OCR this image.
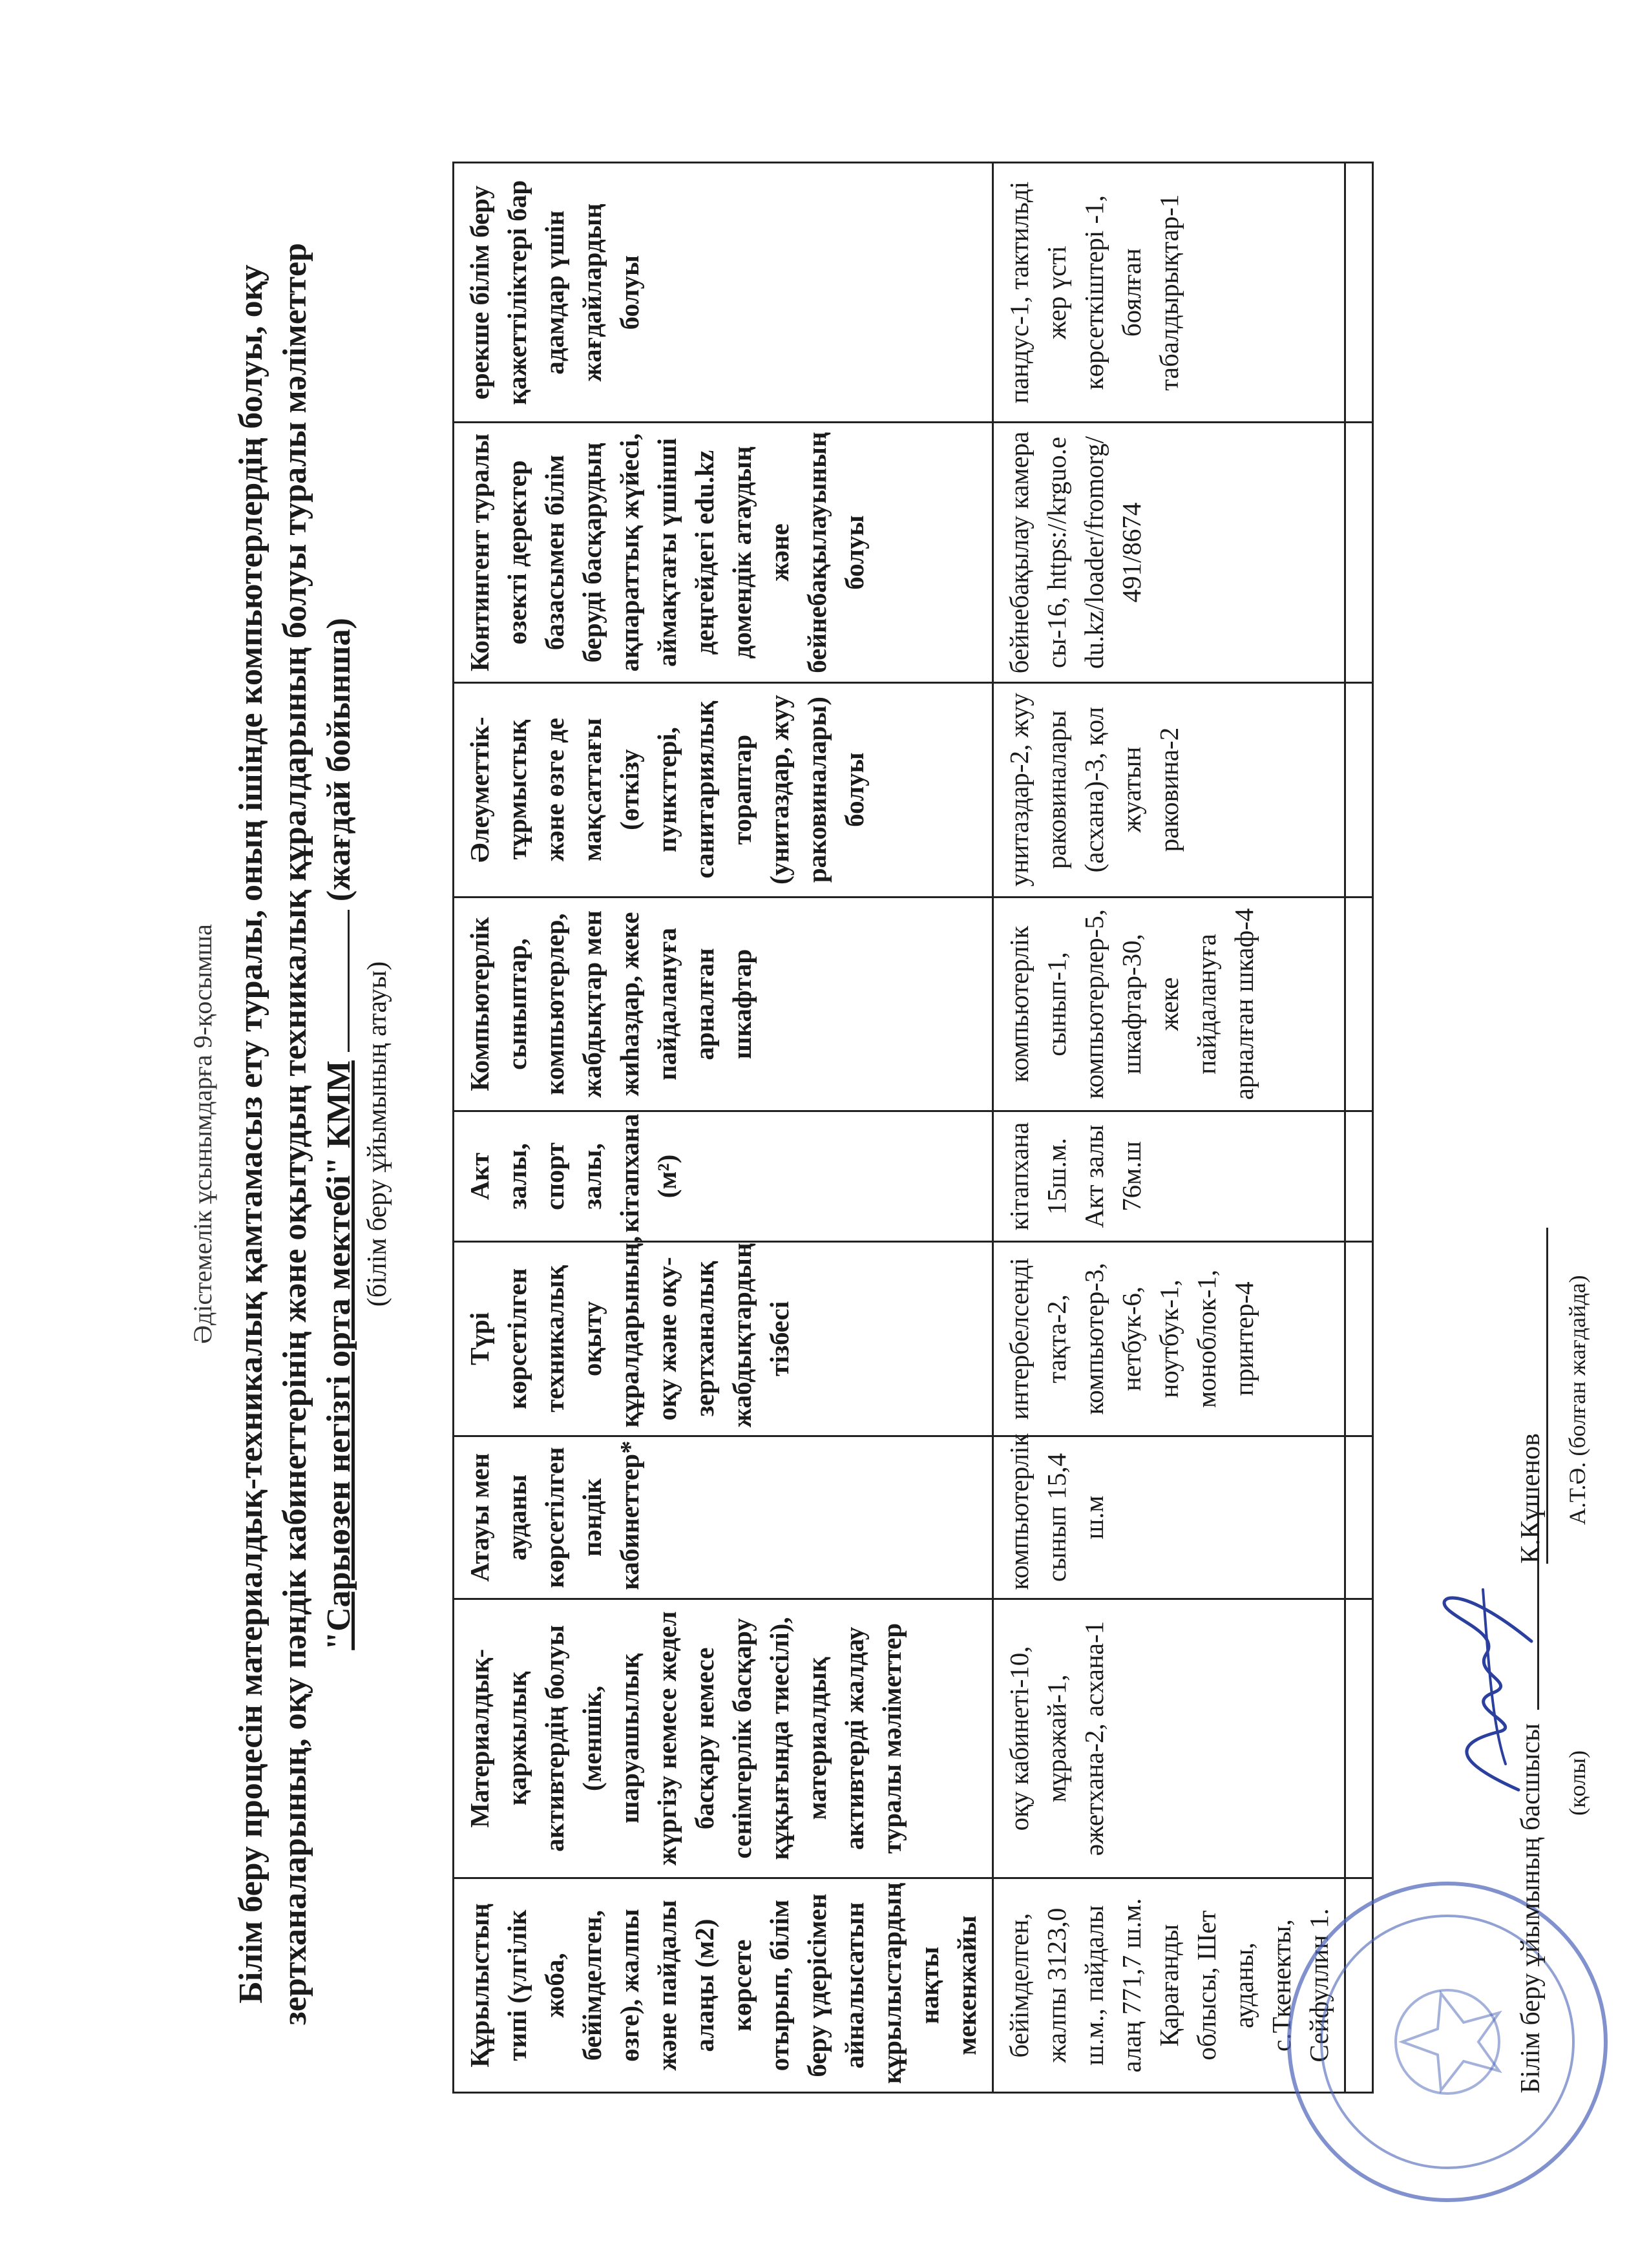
Әдістемелік ұсынымдарға 9-қосымша Білім беру процесін материалдық-техникалық қамтамасыз ету туралы, оның ішінде компьютерлердің болуы, оқу зертханаларының, оқу пәндік кабинеттерінің және оқытудың техникалық құралдарының болуы туралы мәліметтер "Сарыөзен негізгі орта мектебі" КММ  (жағдай бойынша)
(білім беру ұйымының атауы)
Құрылыстың типі (үлгілік жоба, бейімделген, өзге), жалпы және пайдалы алаңы (м2) көрсете отырып, білім беру үдерісімен айналысатын құрылыстардың нақты мекенжайы	Материалдық-қаржылық активтердің болуы (меншік, шаруашылық жүргізу немесе жедел басқару немесе сенімгерлік басқару құқығында тиесілі), материалдық активтерді жалдау туралы мәліметтер	Атауы мен ауданы көрсетілген пәндік кабинеттер*	Түрі көрсетілген техникалық оқыту құралдарының, оқу және оқу-зертханалық жабдықтардың тізбесі	Акт залы, спорт залы, кітапхана (м²)	Компьютерлік сыныптар, компьютерлер, жабдықтар мен жиһаздар, жеке пайдалануға арналған шкафтар	Әлеуметтік-тұрмыстық және өзге де мақсаттағы (өткізу пункттері, санитариялық тораптар (унитаздар, жуу раковиналары) болуы	Контингент туралы өзекті деректер базасымен білім беруді басқарудың ақпараттық жүйесі, аймақтағы үшінші деңгейдегі edu.kz домендік атаудың және бейнебақылауының болуы	ерекше білім беру қажеттіліктері бар адамдар үшін жағдайлардың болуы
бейімделген, жалпы 3123,0 ш.м., пайдалы алаң 771,7 ш.м. Қарағанды облысы, Шет ауданы, с.Ткенекты, Сейфуллин 1.	оқу кабинеті-10, мұражай-1, әжетхана-2, асхана-1	компьютерлік сынып 15,4 ш.м	интербелсенді тақта-2, компьютер-3, нетбук-6, ноутбук-1, моноблок-1, принтер-4	кітапхана 15ш.м. Акт залы 76м.ш	компьютерлік сынып-1, компьютерлер-5, шкафтар-30, жеке пайдалануға арналған шкаф-4	унитаздар-2, жуу раковиналары (асхана)-3, қол жуатын раковина-2	бейнебақылау камерасы-16, https://krguo.edu.kz/loader/fromorg/491/8674	пандус-1, тактильді жер үсті көрсеткіштері -1, боялған табалдырықтар-1

Білім беру ұйымының басшысы
К.Күшенов
(қолы)
А.Т.Ә. (болған жағдайда)
